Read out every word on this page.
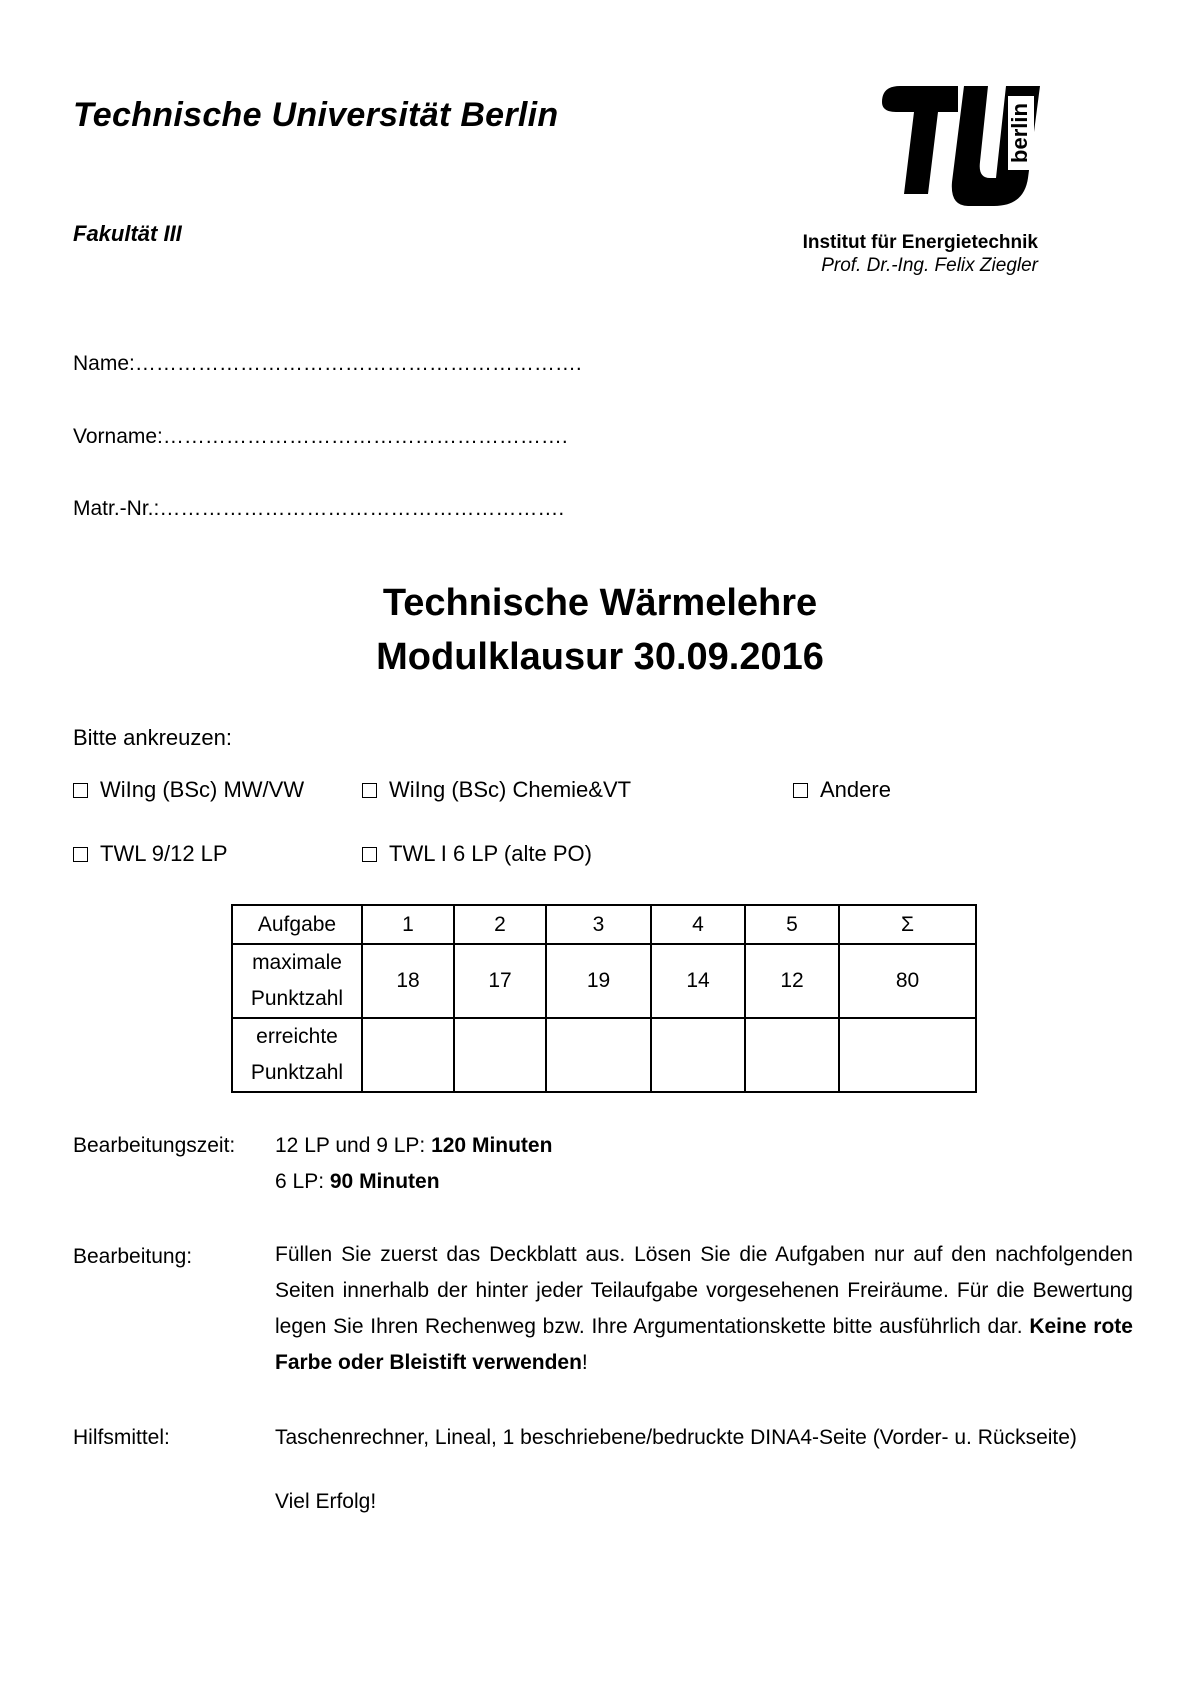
Technische Universität Berlin
Fakultät III
berlin
Institut für Energietechnik
Prof. Dr.-Ing. Felix Ziegler
Name:……………………………………………………….
Vorname:………………………………………………….
Matr.-Nr.:………………………………………………….
Technische Wärmelehre
Modulklausur 30.09.2016
Bitte ankreuzen:
WiIng (BSc) MW/VW	WiIng (BSc) Chemie&VT	Andere
TWL 9/12 LP	TWL I 6 LP (alte PO)
Aufgabe	1	2	3	4	5	Σ

maximale
Punktzahl	18	17	19	14	12	80

erreichte
Punktzahl						

Bearbeitungszeit: 12 LP und 9 LP: 120 Minuten
6 LP: 90 Minuten
Bearbeitung:	Füllen Sie zuerst das Deckblatt aus. Lösen Sie die Aufgaben nur auf den nachfolgenden Seiten innerhalb der hinter jeder Teilaufgabe vorgesehenen Freiräume. Für die Bewertung legen Sie Ihren Rechenweg bzw. Ihre Argumentationskette bitte ausführlich dar. Keine rote Farbe oder Bleistift verwenden!
Hilfsmittel:	Taschenrechner, Lineal, 1 beschriebene/bedruckte DINA4-Seite (Vorder- u. Rückseite)
Viel Erfolg!
